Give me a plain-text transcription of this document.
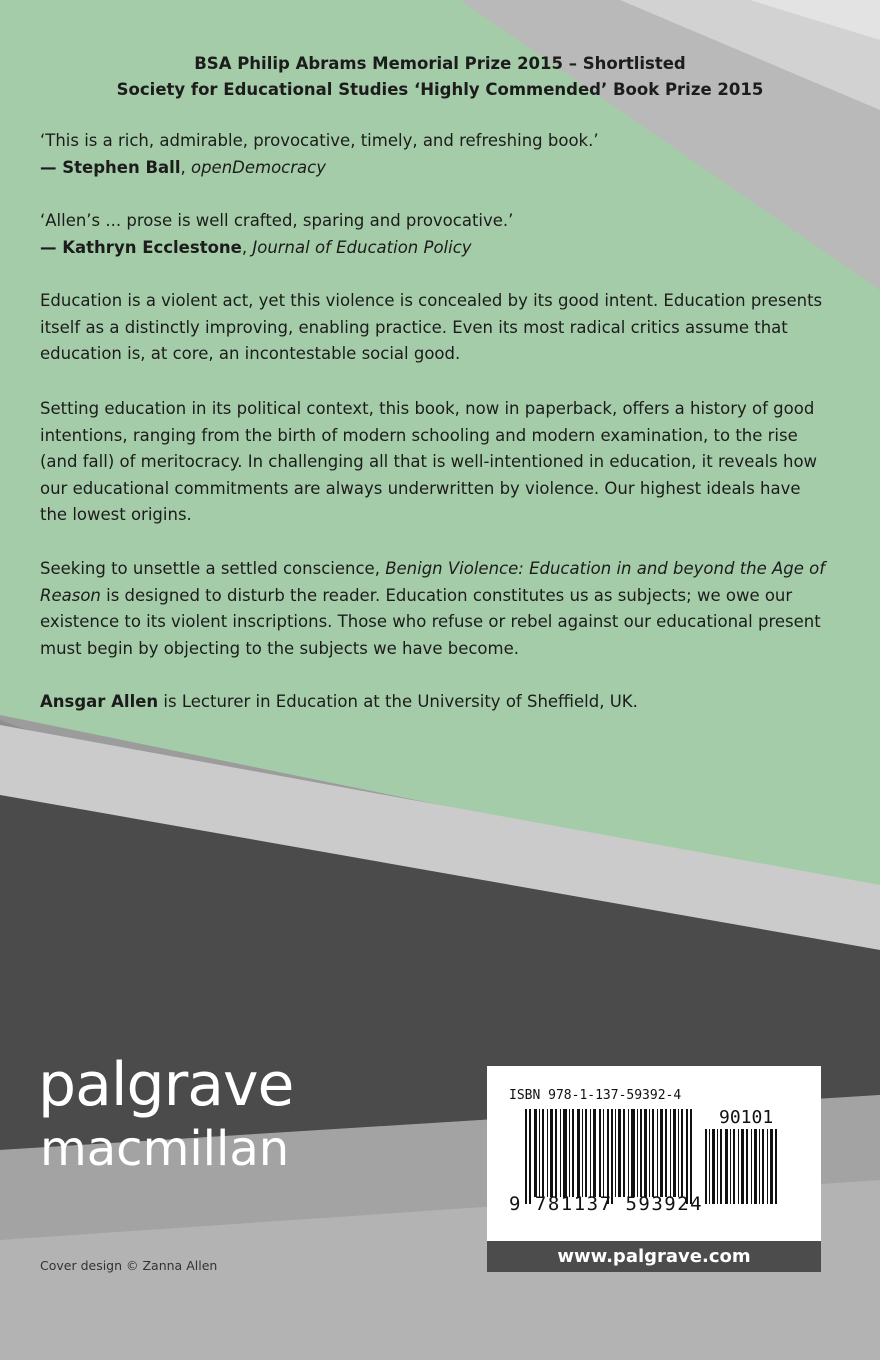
BSA Philip Abrams Memorial Prize 2015 – Shortlisted
Society for Educational Studies ‘Highly Commended’ Book Prize 2015
‘This is a rich, admirable, provocative, timely, and refreshing book.’
— Stephen Ball, openDemocracy
‘Allen’s ... prose is well crafted, sparing and provocative.’
— Kathryn Ecclestone, Journal of Education Policy
Education is a violent act, yet this violence is concealed by its good intent. Education presents itself as a distinctly improving, enabling practice. Even its most radical critics assume that education is, at core, an incontestable social good.
Setting education in its political context, this book, now in paperback, offers a history of good intentions, ranging from the birth of modern schooling and modern examination, to the rise (and fall) of meritocracy. In challenging all that is well-intentioned in education, it reveals how our educational commitments are always underwritten by violence. Our highest ideals have the lowest origins.
Seeking to unsettle a settled conscience, Benign Violence: Education in and beyond the Age of Reason is designed to disturb the reader. Education constitutes us as subjects; we owe our existence to its violent inscriptions. Those who refuse or rebel against our educational present must begin by objecting to the subjects we have become.
Ansgar Allen is Lecturer in Education at the University of Sheffield, UK.
palgrave
macmillan
Cover design © Zanna Allen
ISBN 978-1-137-59392-4
90101
9 781137 593924
www.palgrave.com
